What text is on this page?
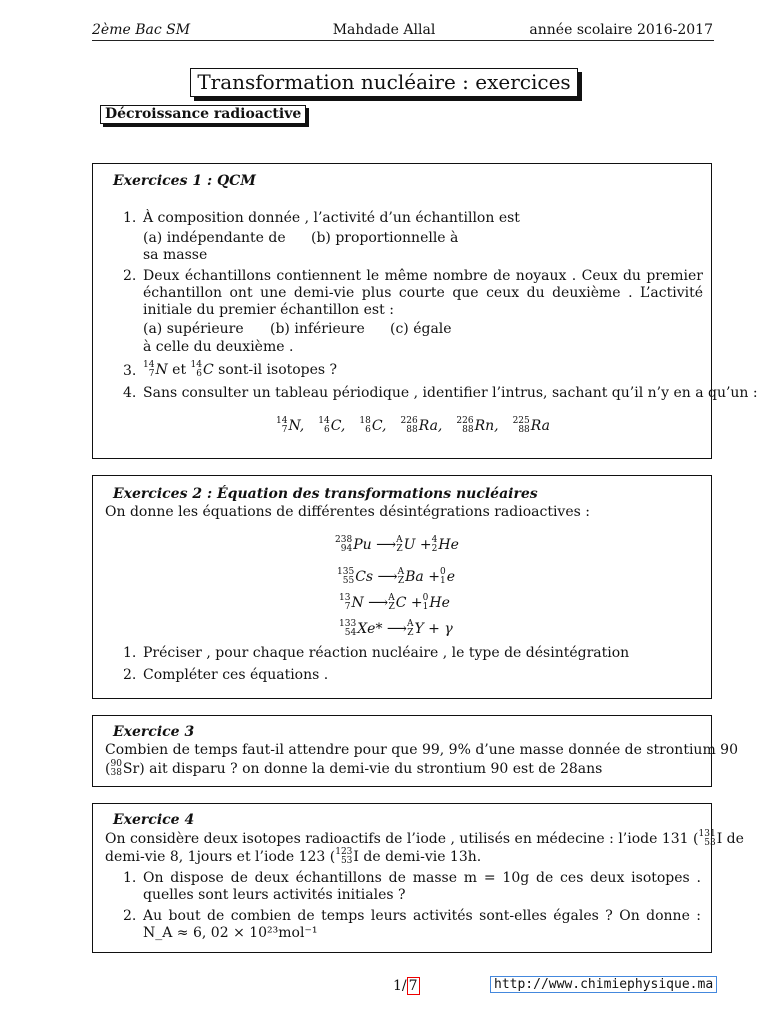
2ème Bac SM	Mahdade Allal	année scolaire 2016-2017
Transformation nucléaire : exercices
Décroissance radioactive
Exercices 1 : QCM
1. À composition donnée , l’activité d’un échantillon est
(a) indépendante de (b) proportionnelle à
sa masse
2. Deux échantillons contiennent le même nombre de noyaux . Ceux du premier échantillon ont une demi-vie plus courte que ceux du deuxième . L’activité initiale du premier échantillon est :
(a) supérieure (b) inférieure (c) égale
à celle du deuxième .
3. 14
7 N et 14
6 C sont-il isotopes ?
4. Sans consulter un tableau périodique , identifier l’intrus, sachant qu’il n’y en a qu’un :
14
7 N, 14
6 C, 18
6 C, 226
88 Ra, 226
88 Rn, 225
88 Ra
Exercices 2 : Équation des transformations nucléaires
On donne les équations de différentes désintégrations radioactives :
238
94 Pu ⟶ A
Z U + 4
2 He
135
55 Cs ⟶ A
Z Ba + 0
1 e
13
7 N ⟶ A
Z C + 0
1 He
133
54 Xe* ⟶ A
Z Y + γ
1. Préciser , pour chaque réaction nucléaire , le type de désintégration
2. Compléter ces équations .
Exercice 3
Combien de temps faut-il attendre pour que 99, 9% d’une masse donnée de strontium 90
( 90
38 Sr) ait disparu ? on donne la demi-vie du strontium 90 est de 28ans
Exercice 4
On considère deux isotopes radioactifs de l’iode , utilisés en médecine : l’iode 131 ( 131
53 I de
demi-vie 8, 1jours et l’iode 123 ( 123
53 I de demi-vie 13h.
1. On dispose de deux échantillons de masse m = 10g de ces deux isotopes . quelles sont leurs activités initiales ?
2. Au bout de combien de temps leurs activités sont-elles égales ? On donne : N_A ≈ 6, 02 × 10²³mol⁻¹
1/ 7	http://www.chimiephysique.ma
